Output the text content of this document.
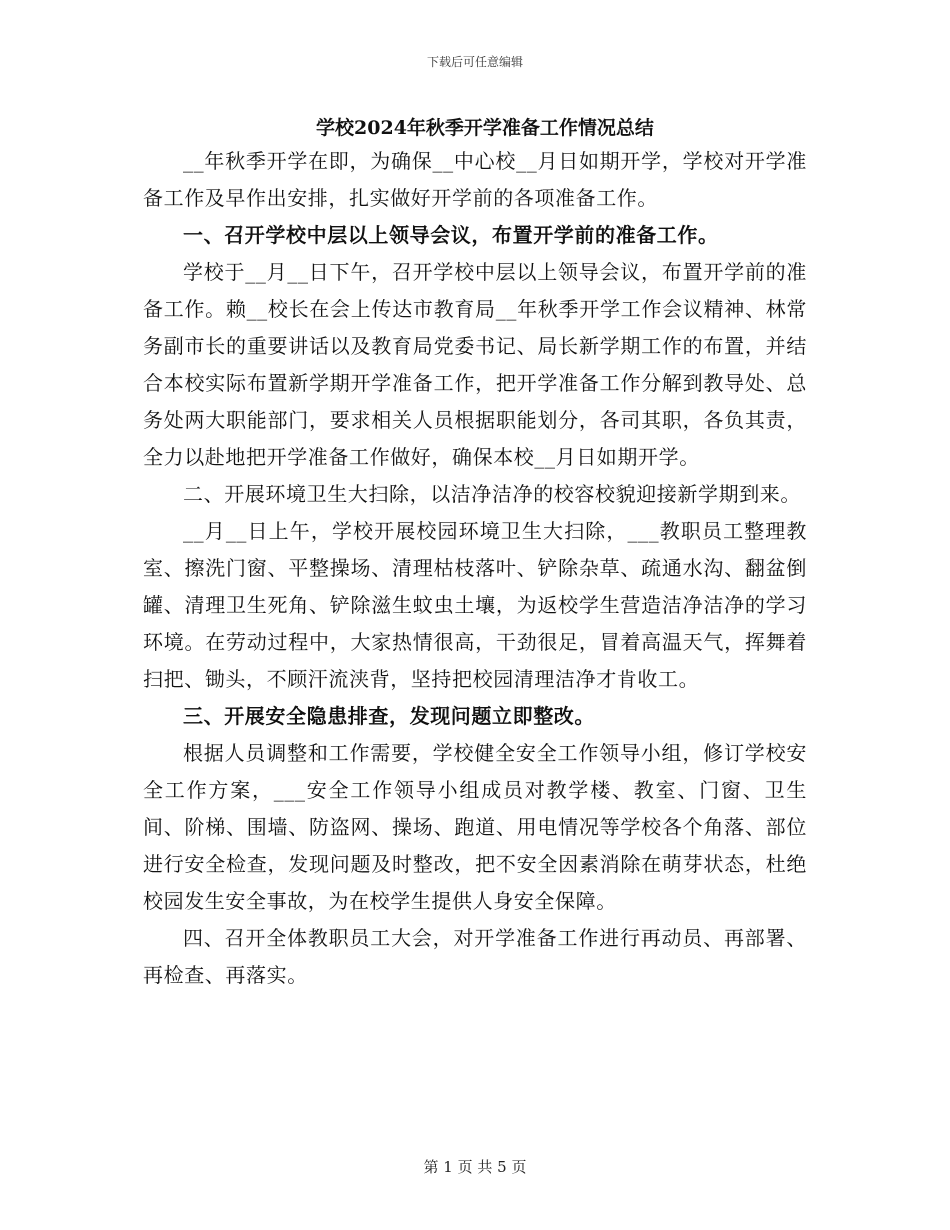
下载后可任意编辑
学校2024年秋季开学准备工作情况总结

__年秋季开学在即，为确保__中心校__月日如期开学，学校对开学准备工作及早作出安排，扎实做好开学前的各项准备工作。

一、召开学校中层以上领导会议，布置开学前的准备工作。

学校于__月__日下午，召开学校中层以上领导会议，布置开学前的准备工作。赖__校长在会上传达市教育局__年秋季开学工作会议精神、林常务副市长的重要讲话以及教育局党委书记、局长新学期工作的布置，并结合本校实际布置新学期开学准备工作，把开学准备工作分解到教导处、总务处两大职能部门，要求相关人员根据职能划分，各司其职，各负其责，全力以赴地把开学准备工作做好，确保本校__月日如期开学。

二、开展环境卫生大扫除，以洁净洁净的校容校貌迎接新学期到来。

__月__日上午，学校开展校园环境卫生大扫除，___教职员工整理教室、擦洗门窗、平整操场、清理枯枝落叶、铲除杂草、疏通水沟、翻盆倒罐、清理卫生死角、铲除滋生蚊虫土壤，为返校学生营造洁净洁净的学习环境。在劳动过程中，大家热情很高，干劲很足，冒着高温天气，挥舞着扫把、锄头，不顾汗流浃背，坚持把校园清理洁净才肯收工。

三、开展安全隐患排查，发现问题立即整改。

根据人员调整和工作需要，学校健全安全工作领导小组，修订学校安全工作方案，___安全工作领导小组成员对教学楼、教室、门窗、卫生间、阶梯、围墙、防盗网、操场、跑道、用电情况等学校各个角落、部位进行安全检查，发现问题及时整改，把不安全因素消除在萌芽状态，杜绝校园发生安全事故，为在校学生提供人身安全保障。

四、召开全体教职员工大会，对开学准备工作进行再动员、再部署、再检查、再落实。

第 1 页 共 5 页
